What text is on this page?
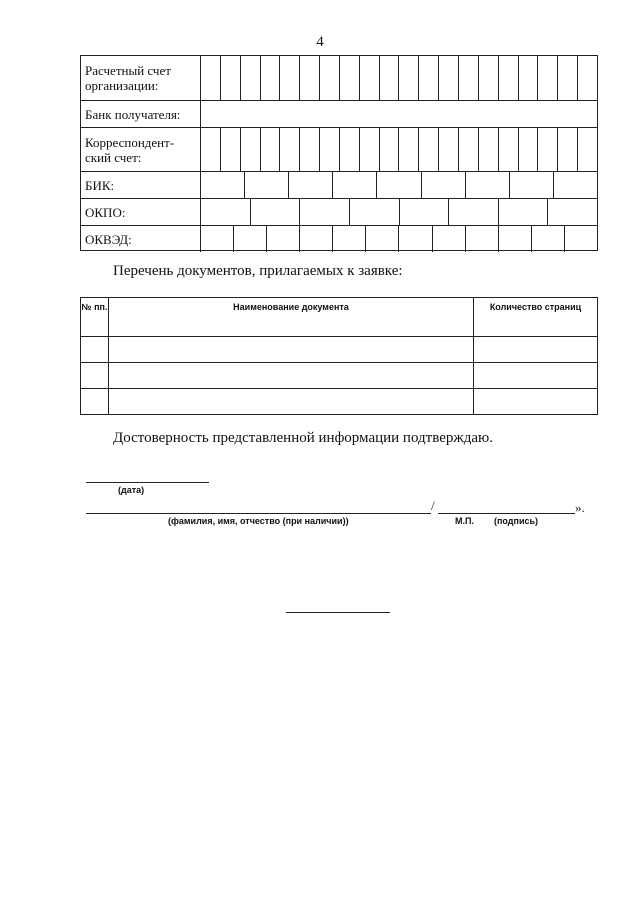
4
Расчетный счет организации:
Банк получателя:
Корреспондент-ский счет:
БИК:
ОКПО:
ОКВЭД:
Перечень документов, прилагаемых к заявке:
№ пп.	Наименование документа	Количество страниц

Достоверность представленной информации подтверждаю.
(дата)
/	».
(фамилия, имя, отчество (при наличии))	М.П. (подпись)
